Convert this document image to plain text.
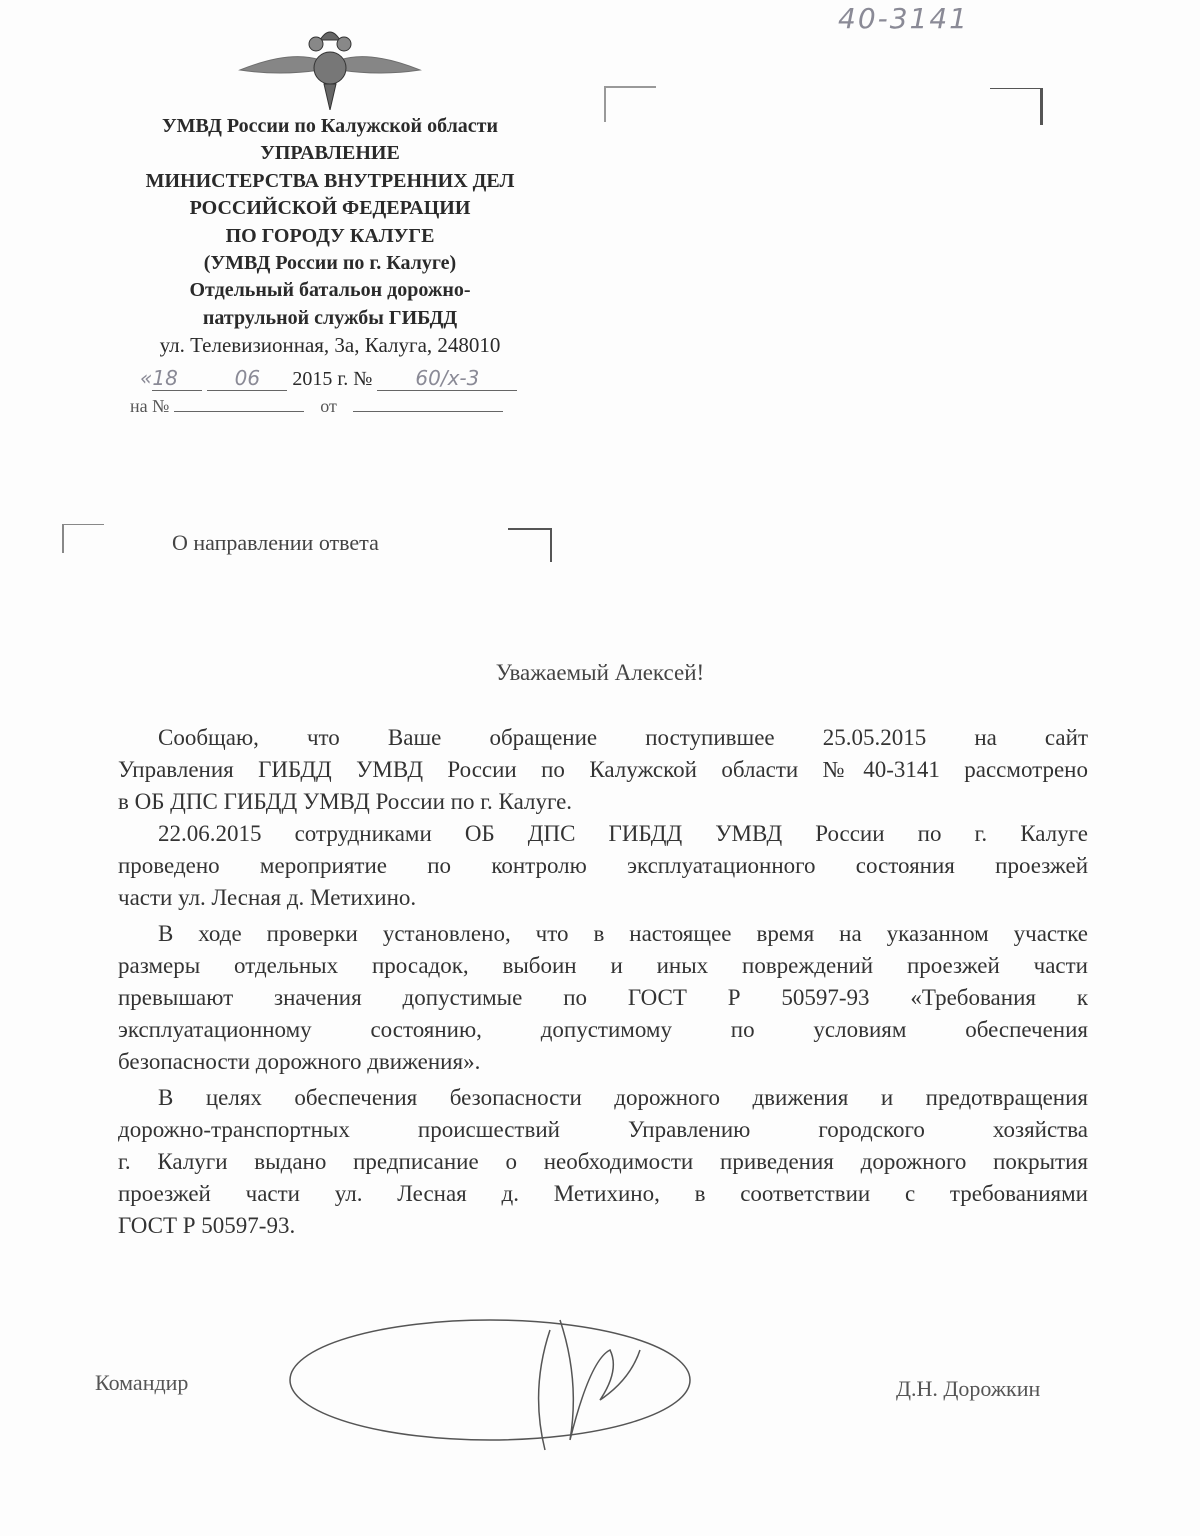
40-3141
УМВД России по Калужской области
УПРАВЛЕНИЕ
МИНИСТЕРСТВА ВНУТРЕННИХ ДЕЛ
РОССИЙСКОЙ ФЕДЕРАЦИИ
ПО ГОРОДУ КАЛУГЕ
(УМВД России по г. Калуге)
Отдельный батальон дорожно-
патрульной службы ГИБДД
ул. Телевизионная, 3а, Калуга, 248010
«18	06 2015 г. № 60/х-3
на №	от
О направлении ответа
Уважаемый Алексей!
Сообщаю, что Ваше обращение поступившее 25.05.2015 на сайт
Управления ГИБДД УМВД России по Калужской области №40-3141 рассмотрено
в ОБ ДПС ГИБДД УМВД России по г. Калуге.
22.06.2015 сотрудниками ОБ ДПС ГИБДД УМВД России по г. Калуге
проведено мероприятие по контролю эксплуатационного состояния проезжей
части ул. Лесная д. Метихино.
В ходе проверки установлено, что в настоящее время на указанном участке
размеры отдельных просадок, выбоин и иных повреждений проезжей части
превышают значения допустимые по ГОСТ Р 50597-93 «Требования к
эксплуатационному состоянию, допустимому по условиям обеспечения
безопасности дорожного движения».
В целях обеспечения безопасности дорожного движения и предотвращения
дорожно-транспортных происшествий Управлению городского хозяйства
г. Калуги выдано предписание о необходимости приведения дорожного покрытия
проезжей части ул. Лесная д. Метихино, в соответствии с требованиями
ГОСТ Р 50597-93.
Командир	Д.Н. Дорожкин
